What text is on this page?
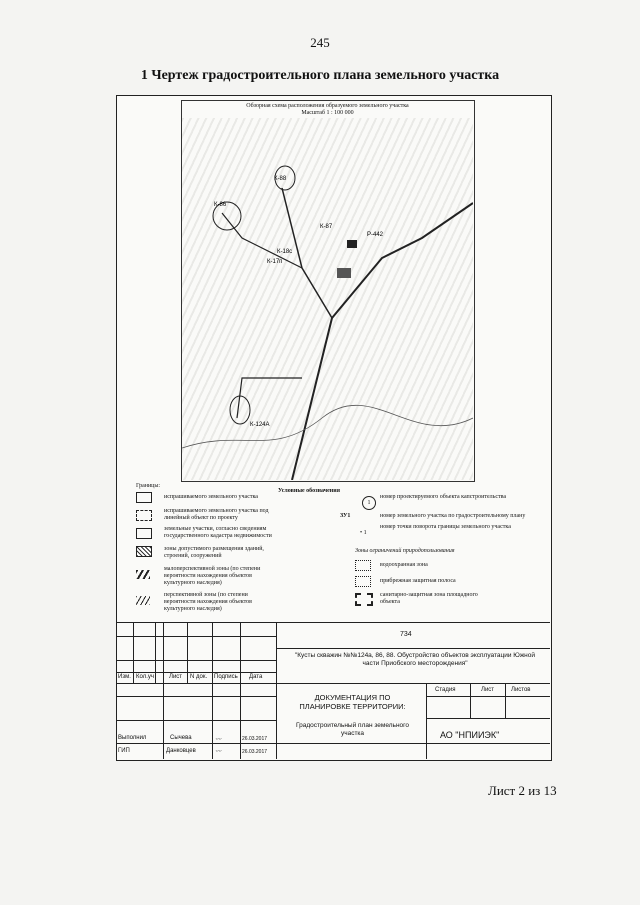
245
1 Чертеж градостроительного плана земельного участка
Обзорная схема расположения образуемого земельного участка
Масштаб 1 : 100 000
К-88
К-86
К-87
Р-442
К-18с
К-17п
К-124А
Границы:
Условные обозначения
испрашиваемого земельного участка
испрашиваемого земельного участка под линейный объект по проекту
земельные участки, согласно сведениям государственного кадастра недвижимости
зоны допустимого размещения зданий, строений, сооружений
малоперспективной зоны (по степени вероятности нахождения объектов культурного наследия)
перспективной зоны (по степени вероятности нахождения объектов культурного наследия)
1
номер проектируемого объекта капстроительства
ЗУ1	номер земельного участка по градостроительному плану
• 1
номер точки поворота границы земельного участка
Зоны ограничений природопользования
водоохранная зона
прибрежная защитная полоса
санитарно-защитная зона площадного объекта
734
"Кусты скважин №№124а, 86, 88. Обустройство объектов эксплуатации Южной части Приобского месторождения"
Изм. Кол.уч	Лист N док. Подпись Дата
ДОКУМЕНТАЦИЯ ПО ПЛАНИРОВКЕ ТЕРРИТОРИИ:
Градостроительный план земельного участка
Стадия	Лист	Листов
АО "НПИИЭК"
Выполнил	Сычева	〰	26.03.2017
ГИП	Данковцев	〰	26.03.2017
Лист 2 из 13
